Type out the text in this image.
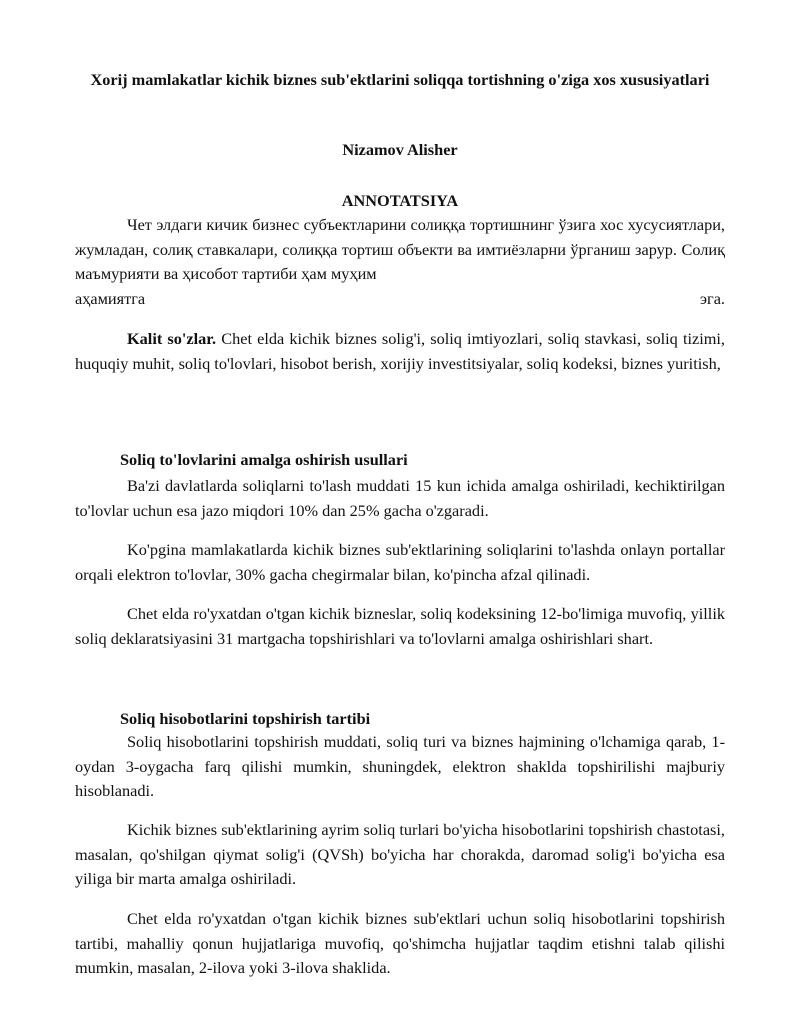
Xorij mamlakatlar kichik biznes sub'ektlarini soliqqa tortishning o'ziga xos xususiyatlari
Nizamov Alisher
ANNOTATSIYA
Чет элдаги кичик бизнес субъектларини солиққа тортишнинг ўзига хос хусусиятлари, жумладан, солиқ ставкалари, солиққа тортиш объекти ва имтиёзларни ўрганиш зарур. Солиқ маъмурияти ва ҳисобот тартиби ҳам муҳим
аҳамиятга	эга.
Kalit so'zlar. Chet elda kichik biznes solig'i, soliq imtiyozlari, soliq stavkasi, soliq tizimi, huquqiy muhit, soliq to'lovlari, hisobot berish, xorijiy investitsiyalar, soliq kodeksi, biznes yuritish,
Soliq to'lovlarini amalga oshirish usullari
Ba'zi davlatlarda soliqlarni to'lash muddati 15 kun ichida amalga oshiriladi, kechiktirilgan to'lovlar uchun esa jazo miqdori 10% dan 25% gacha o'zgaradi.
Ko'pgina mamlakatlarda kichik biznes sub'ektlarining soliqlarini to'lashda onlayn portallar orqali elektron to'lovlar, 30% gacha chegirmalar bilan, ko'pincha afzal qilinadi.
Chet elda ro'yxatdan o'tgan kichik bizneslar, soliq kodeksining 12-bo'limiga muvofiq, yillik soliq deklaratsiyasini 31 martgacha topshirishlari va to'lovlarni amalga oshirishlari shart.
Soliq hisobotlarini topshirish tartibi
Soliq hisobotlarini topshirish muddati, soliq turi va biznes hajmining o'lchamiga qarab, 1-oydan 3-oygacha farq qilishi mumkin, shuningdek, elektron shaklda topshirilishi majburiy hisoblanadi.
Kichik biznes sub'ektlarining ayrim soliq turlari bo'yicha hisobotlarini topshirish chastotasi, masalan, qo'shilgan qiymat solig'i (QVSh) bo'yicha har chorakda, daromad solig'i bo'yicha esa yiliga bir marta amalga oshiriladi.
Chet elda ro'yxatdan o'tgan kichik biznes sub'ektlari uchun soliq hisobotlarini topshirish tartibi, mahalliy qonun hujjatlariga muvofiq, qo'shimcha hujjatlar taqdim etishni talab qilishi mumkin, masalan, 2-ilova yoki 3-ilova shaklida.
